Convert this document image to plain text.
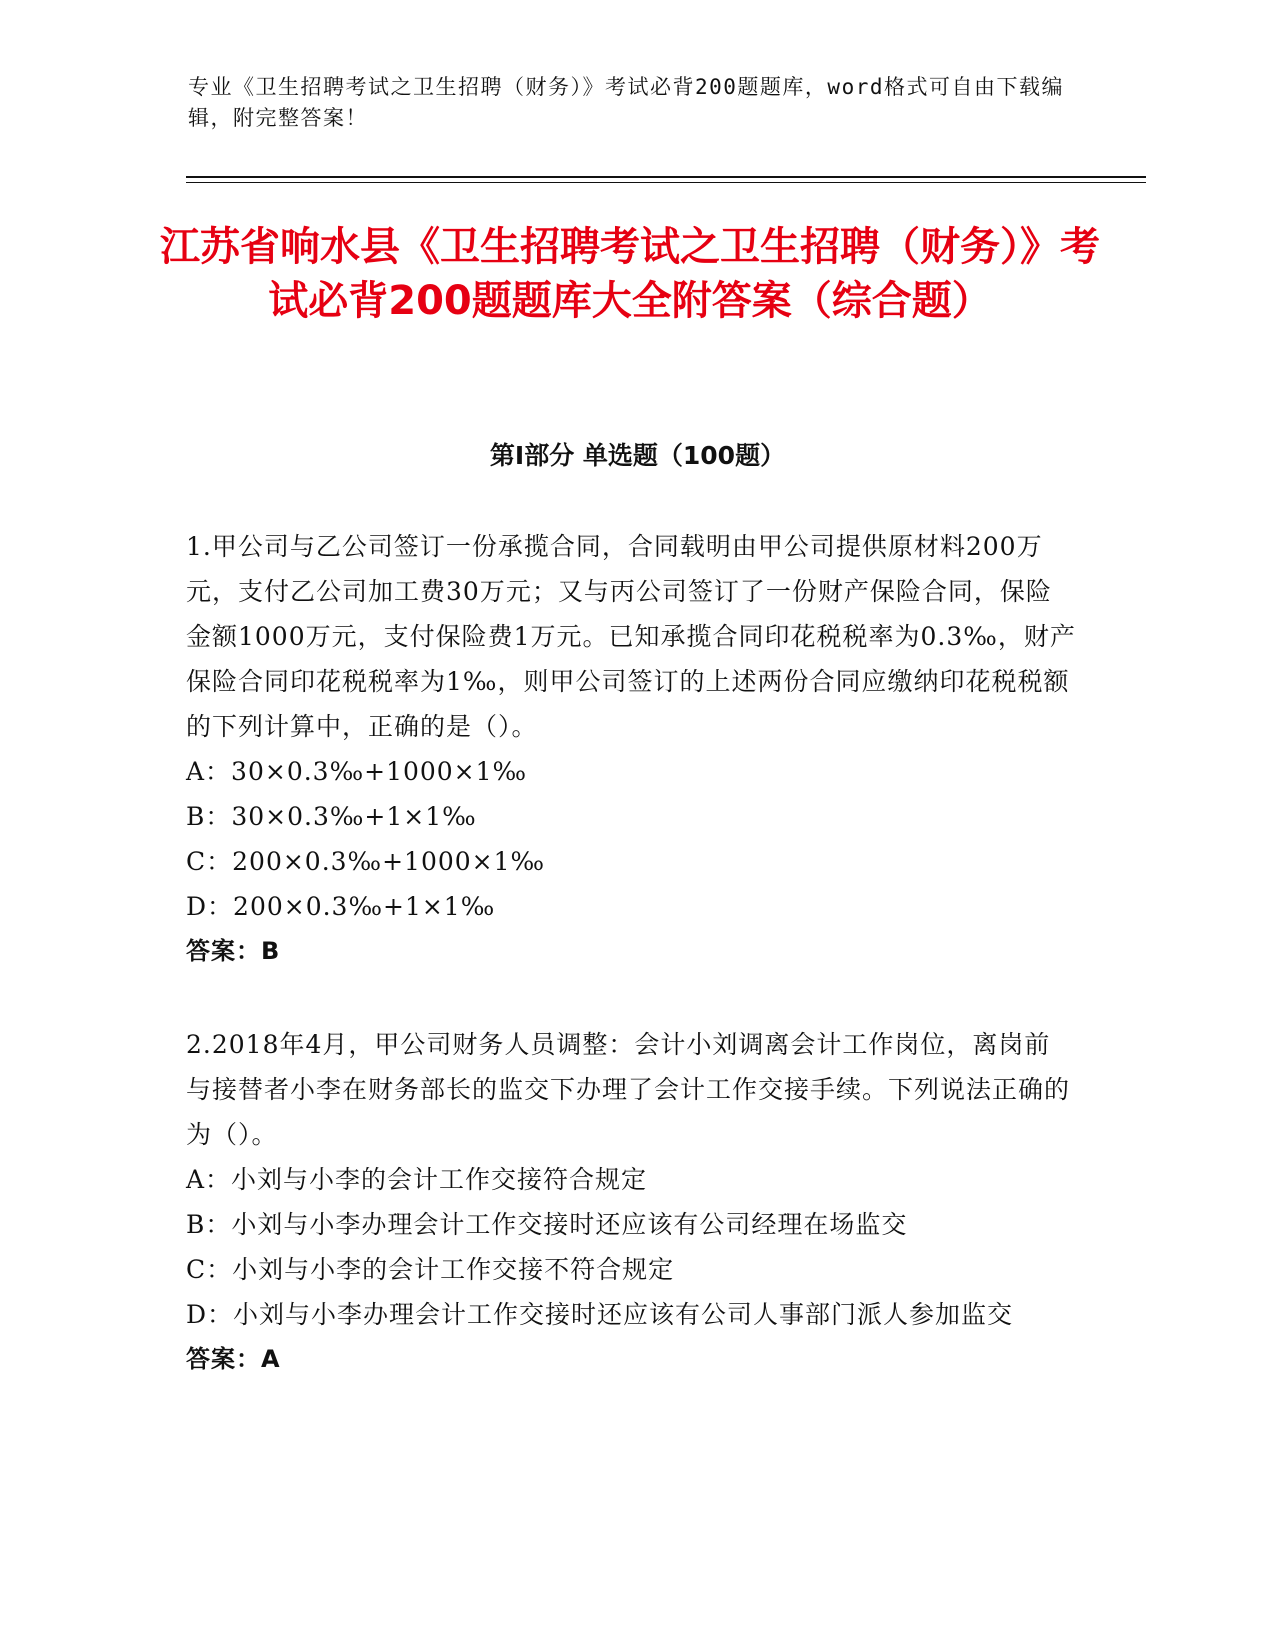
专业《卫生招聘考试之卫生招聘（财务）》考试必背200题题库，word格式可自由下载编辑，附完整答案！
江苏省响水县《卫生招聘考试之卫生招聘（财务）》考试必背200题题库大全附答案（综合题）
第I部分 单选题（100题）

1.甲公司与乙公司签订一份承揽合同，合同载明由甲公司提供原材料200万元，支付乙公司加工费30万元；又与丙公司签订了一份财产保险合同，保险金额1000万元，支付保险费1万元。已知承揽合同印花税税率为0.3‰，财产保险合同印花税税率为1‰，则甲公司签订的上述两份合同应缴纳印花税税额的下列计算中，正确的是（）。

A：30×0.3‰+1000×1‰

B：30×0.3‰+1×1‰

C：200×0.3‰+1000×1‰

D：200×0.3‰+1×1‰

答案：B

2.2018年4月，甲公司财务人员调整：会计小刘调离会计工作岗位，离岗前与接替者小李在财务部长的监交下办理了会计工作交接手续。下列说法正确的为（）。

A：小刘与小李的会计工作交接符合规定

B：小刘与小李办理会计工作交接时还应该有公司经理在场监交

C：小刘与小李的会计工作交接不符合规定

D：小刘与小李办理会计工作交接时还应该有公司人事部门派人参加监交

答案：A
